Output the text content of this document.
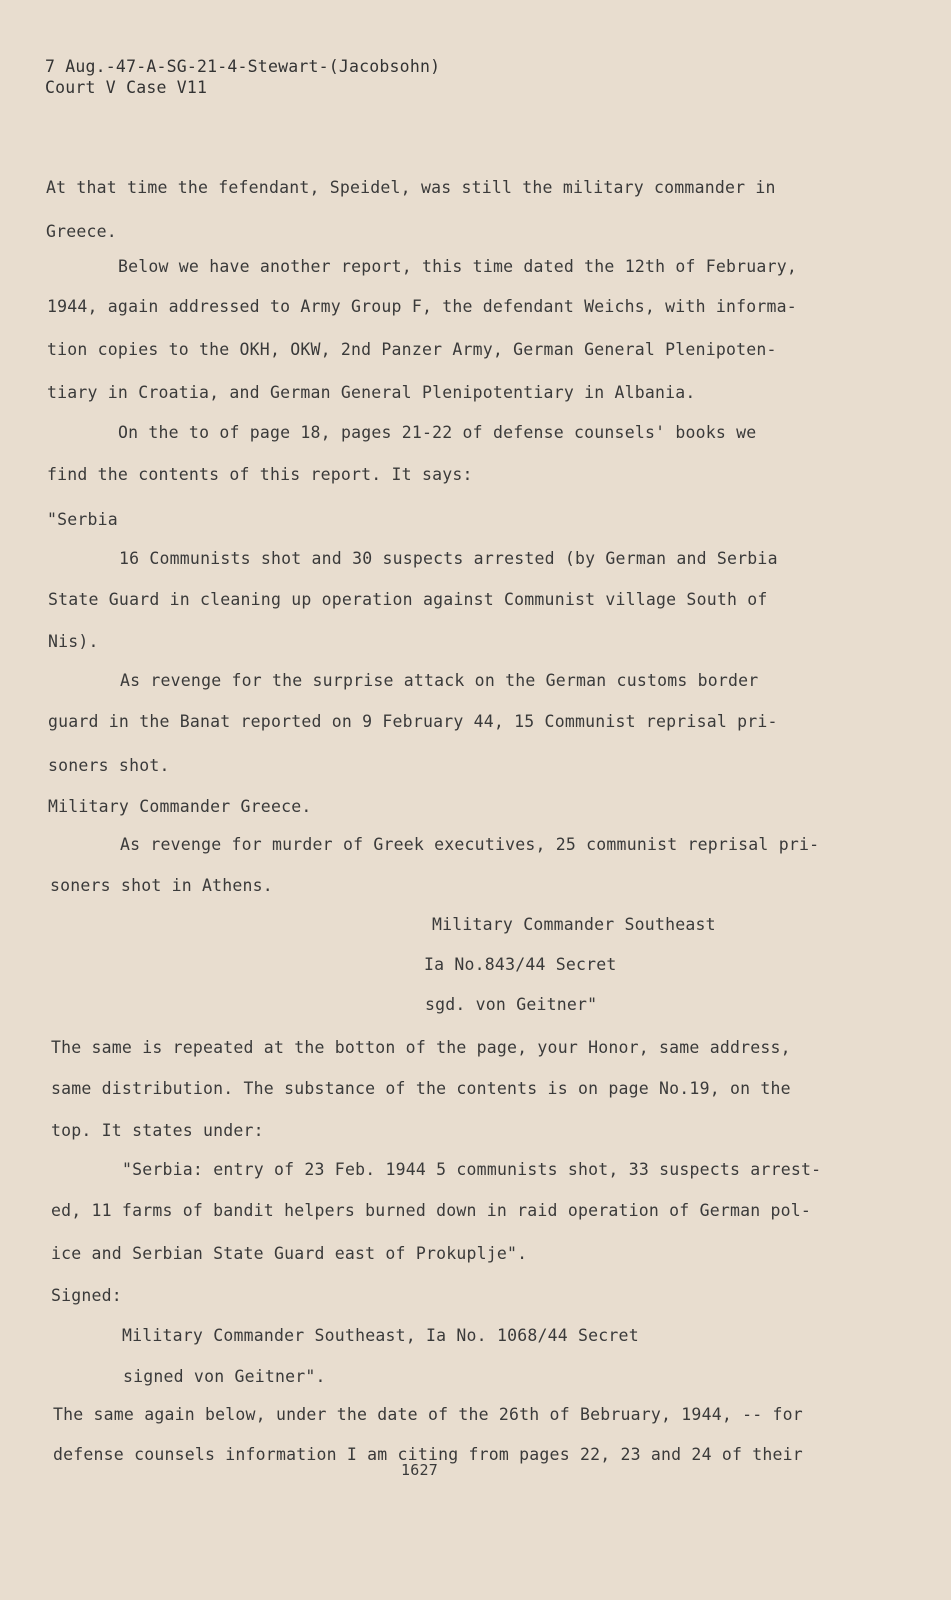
7 Aug.-47-A-SG-21-4-Stewart-(Jacobsohn)
Court V Case V11
At that time the fefendant, Speidel, was still the military commander in
Greece.
Below we have another report, this time dated the 12th of February,
1944, again addressed to Army Group F, the defendant Weichs, with informa-
tion copies to the OKH, OKW, 2nd Panzer Army, German General Plenipoten-
tiary in Croatia, and German General Plenipotentiary in Albania.
On the to of page 18, pages 21-22 of defense counsels' books we
find the contents of this report. It says:
"Serbia
16 Communists shot and 30 suspects arrested (by German and Serbia
State Guard in cleaning up operation against Communist village South of
Nis).
As revenge for the surprise attack on the German customs border
guard in the Banat reported on 9 February 44, 15 Communist reprisal pri-
soners shot.
Military Commander Greece.
As revenge for murder of Greek executives, 25 communist reprisal pri-
soners shot in Athens.
Military Commander Southeast
Ia No.843/44 Secret
sgd. von Geitner"
The same is repeated at the botton of the page, your Honor, same address,
same distribution. The substance of the contents is on page No.19, on the
top. It states under:
"Serbia: entry of 23 Feb. 1944 5 communists shot, 33 suspects arrest-
ed, 11 farms of bandit helpers burned down in raid operation of German pol-
ice and Serbian State Guard east of Prokuplje".
Signed:
Military Commander Southeast, Ia No. 1068/44 Secret
signed von Geitner".
The same again below, under the date of the 26th of Bebruary, 1944, -- for
defense counsels information I am citing from pages 22, 23 and 24 of their
1627
